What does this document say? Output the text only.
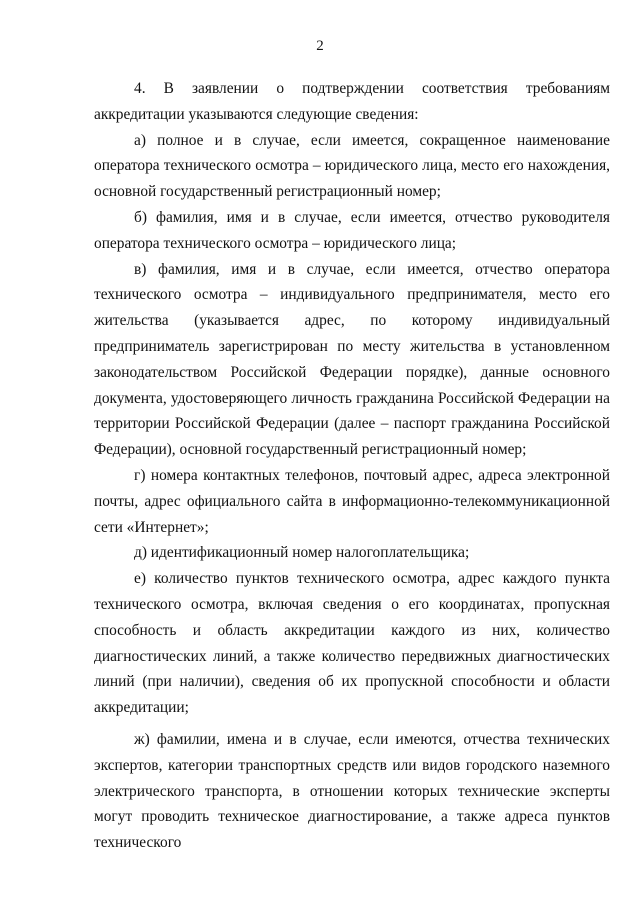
2

4. В заявлении о подтверждении соответствия требованиям аккредитации указываются следующие сведения:

а) полное и в случае, если имеется, сокращенное наименование оператора технического осмотра – юридического лица, место его нахождения, основной государственный регистрационный номер;

б) фамилия, имя и в случае, если имеется, отчество руководителя оператора технического осмотра – юридического лица;

в) фамилия, имя и в случае, если имеется, отчество оператора технического осмотра – индивидуального предпринимателя, место его жительства (указывается адрес, по которому индивидуальный предприниматель зарегистрирован по месту жительства в установленном законодательством Российской Федерации порядке), данные основного документа, удостоверяющего личность гражданина Российской Федерации на территории Российской Федерации (далее – паспорт гражданина Российской Федерации), основной государственный регистрационный номер;

г) номера контактных телефонов, почтовый адрес, адреса электронной почты, адрес официального сайта в информационно-телекоммуникационной сети «Интернет»;

д) идентификационный номер налогоплательщика;

е) количество пунктов технического осмотра, адрес каждого пункта технического осмотра, включая сведения о его координатах, пропускная способность и область аккредитации каждого из них, количество диагностических линий, а также количество передвижных диагностических линий (при наличии), сведения об их пропускной способности и области аккредитации;

ж) фамилии, имена и в случае, если имеются, отчества технических экспертов, категории транспортных средств или видов городского наземного электрического транспорта, в отношении которых технические эксперты могут проводить техническое диагностирование, а также адреса пунктов технического
